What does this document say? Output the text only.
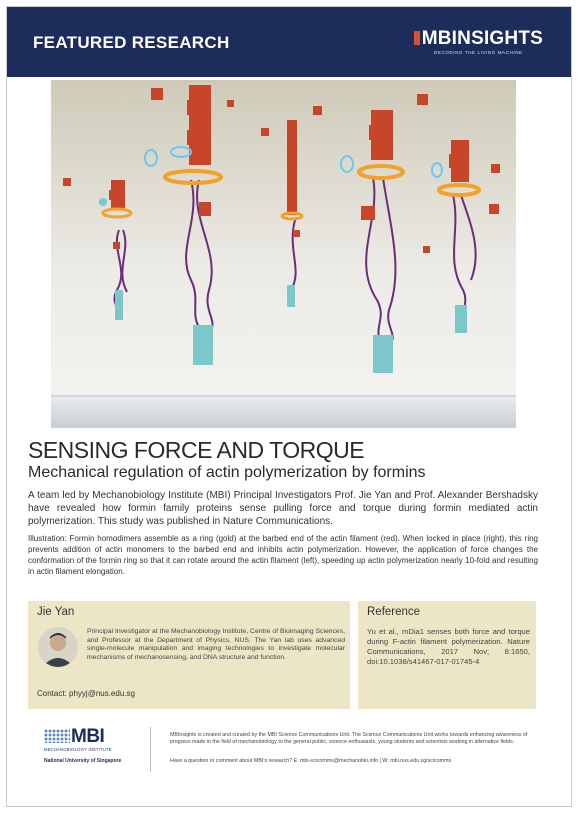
FEATURED RESEARCH	MBINSIGHTS
DECODING THE LIVING MACHINE
SENSING FORCE AND TORQUE
Mechanical regulation of actin polymerization by formins
A team led by Mechanobiology Institute (MBI) Principal Investigators Prof. Jie Yan and Prof. Alexander Bershadsky have revealed how formin family proteins sense pulling force and torque during formin mediated actin polymerization. This study was published in Nature Communications.
Illustration: Formin homodimers assemble as a ring (gold) at the barbed end of the actin filament (red). When locked in place (right), this ring prevents addition of actin monomers to the barbed end and inhibits actin polymerization. However, the application of force changes the conformation of the formin ring so that it can rotate around the actin filament (left), speeding up actin polymerization nearly 10-fold and resulting in actin filament elongation.
Jie Yan
Principal Investigator at the Mechanobiology Institute, Centre of Bioimaging Sciences, and Professor at the Department of Physics, NUS. The Yan lab uses advanced single-molecule manipulation and imaging technologies to investigate molecular mechanisms of mechanosensing, and DNA structure and function.
Contact: phyyj@nus.edu.sg
Reference
Yu et al., mDia1 senses both force and torque during F-actin filament polymerization. Nature Communications, 2017 Nov; 8:1650, doi:10.1038/s41467-017-01745-4
MBI
MECHANOBIOLOGY INSTITUTE
National University of Singapore
MBInsights is created and curated by the MBI Science Communications Unit. The Science Communications Unit works towards enhancing awareness of progress made in the field of mechanobiology to the general public, science enthusiasts, young students and scientists working in alternative fields.
Have a question or comment about MBI's research? E: mbi-scicomms@mechanobio.info | W: mbi.nus.edu.sg/scicomms
